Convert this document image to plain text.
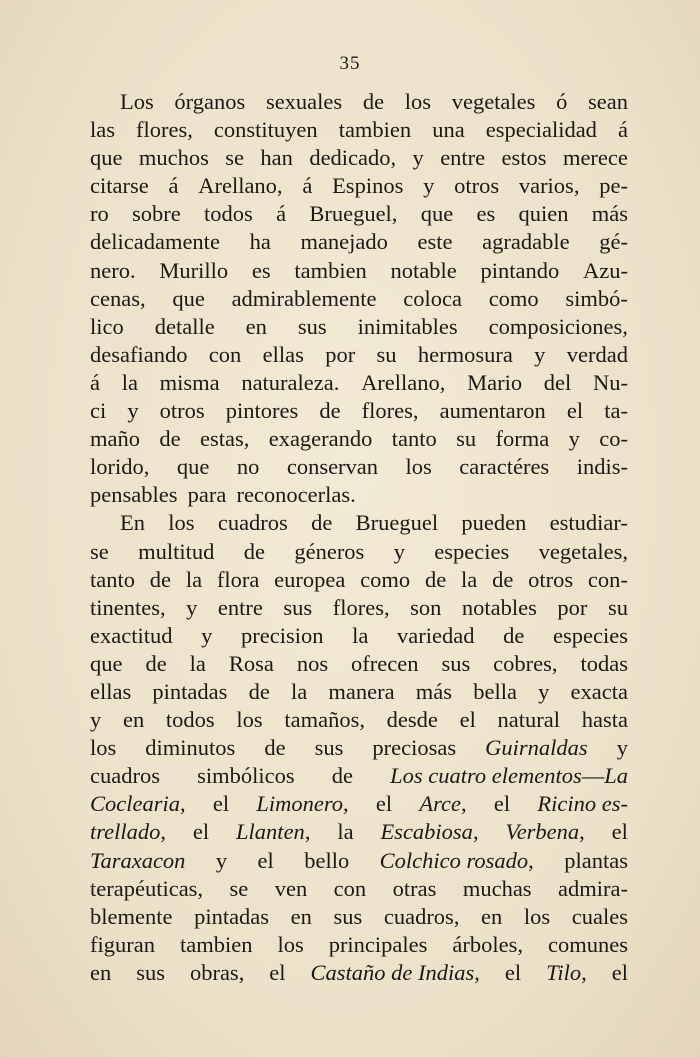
35
Los órganos sexuales de los vegetales ó sean
las flores, constituyen tambien una especialidad á
que muchos se han dedicado, y entre estos merece
citarse á Arellano, á Espinos y otros varios, pe-
ro sobre todos á Brueguel, que es quien más
delicadamente ha manejado este agradable gé-
nero. Murillo es tambien notable pintando Azu-
cenas, que admirablemente coloca como simbó-
lico detalle en sus inimitables composiciones,
desafiando con ellas por su hermosura y verdad
á la misma naturaleza. Arellano, Mario del Nu-
ci y otros pintores de flores, aumentaron el ta-
maño de estas, exagerando tanto su forma y co-
lorido, que no conservan los caractéres indis-
pensables para reconocerlas.
En los cuadros de Brueguel pueden estudiar-
se multitud de géneros y especies vegetales,
tanto de la flora europea como de la de otros con-
tinentes, y entre sus flores, son notables por su
exactitud y precision la variedad de especies
que de la Rosa nos ofrecen sus cobres, todas
ellas pintadas de la manera más bella y exacta
y en todos los tamaños, desde el natural hasta
los diminutos de sus preciosas Guirnaldas y
cuadros simbólicos de Los cuatro elementos—La
Coclearia, el Limonero, el Arce, el Ricino es-
trellado, el Llanten, la Escabiosa, Verbena, el
Taraxacon y el bello Colchico rosado, plantas
terapéuticas, se ven con otras muchas admira-
blemente pintadas en sus cuadros, en los cuales
figuran tambien los principales árboles, comunes
en sus obras, el Castaño de Indias, el Tilo, el
